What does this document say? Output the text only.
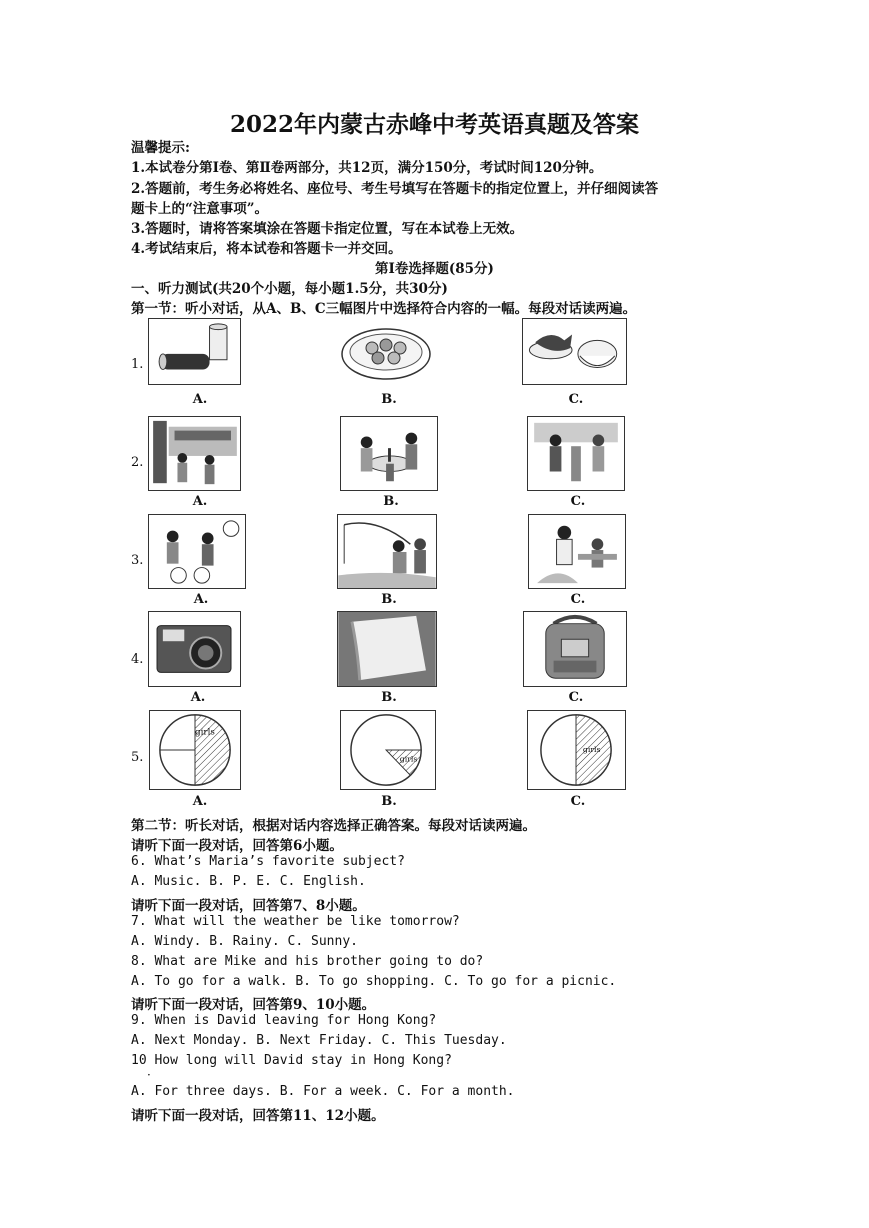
2022年内蒙古赤峰中考英语真题及答案
温馨提示:
1.本试卷分第Ⅰ卷、第Ⅱ卷两部分，共12页，满分150分，考试时间120分钟。
2.答题前，考生务必将姓名、座位号、考生号填写在答题卡的指定位置上，并仔细阅读答
题卡上的“注意事项”。
3.答题时，请将答案填涂在答题卡指定位置，写在本试卷上无效。
4.考试结束后，将本试卷和答题卡一并交回。
第Ⅰ卷选择题(85分)
一、听力测试(共20个小题，每小题1.5分，共30分)
第一节：听小对话，从A、B、C三幅图片中选择符合内容的一幅。每段对话读两遍。
1.
A.	B.	C.
2.
A.	B.	C.
3.
A.	B.	C.
4.
A.	B.	C.
5.
girls
girls
girls
A.	B.	C.
第二节：听长对话，根据对话内容选择正确答案。每段对话读两遍。
请听下面一段对话，回答第6小题。
6. What’s Maria’s favorite subject?
A. Music. B. P. E. C. English.
请听下面一段对话，回答第7、8小题。
7. What will the weather be like tomorrow?
A. Windy. B. Rainy. C. Sunny.
8. What are Mike and his brother going to do?
A. To go for a walk. B. To go shopping. C. To go for a picnic.
请听下面一段对话，回答第9、10小题。
9. When is David leaving for Hong Kong?
A. Next Monday. B. Next Friday. C. This Tuesday.
10 How long will David stay in Hong Kong?
·
A. For three days. B. For a week. C. For a month.
请听下面一段对话，回答第11、12小题。
